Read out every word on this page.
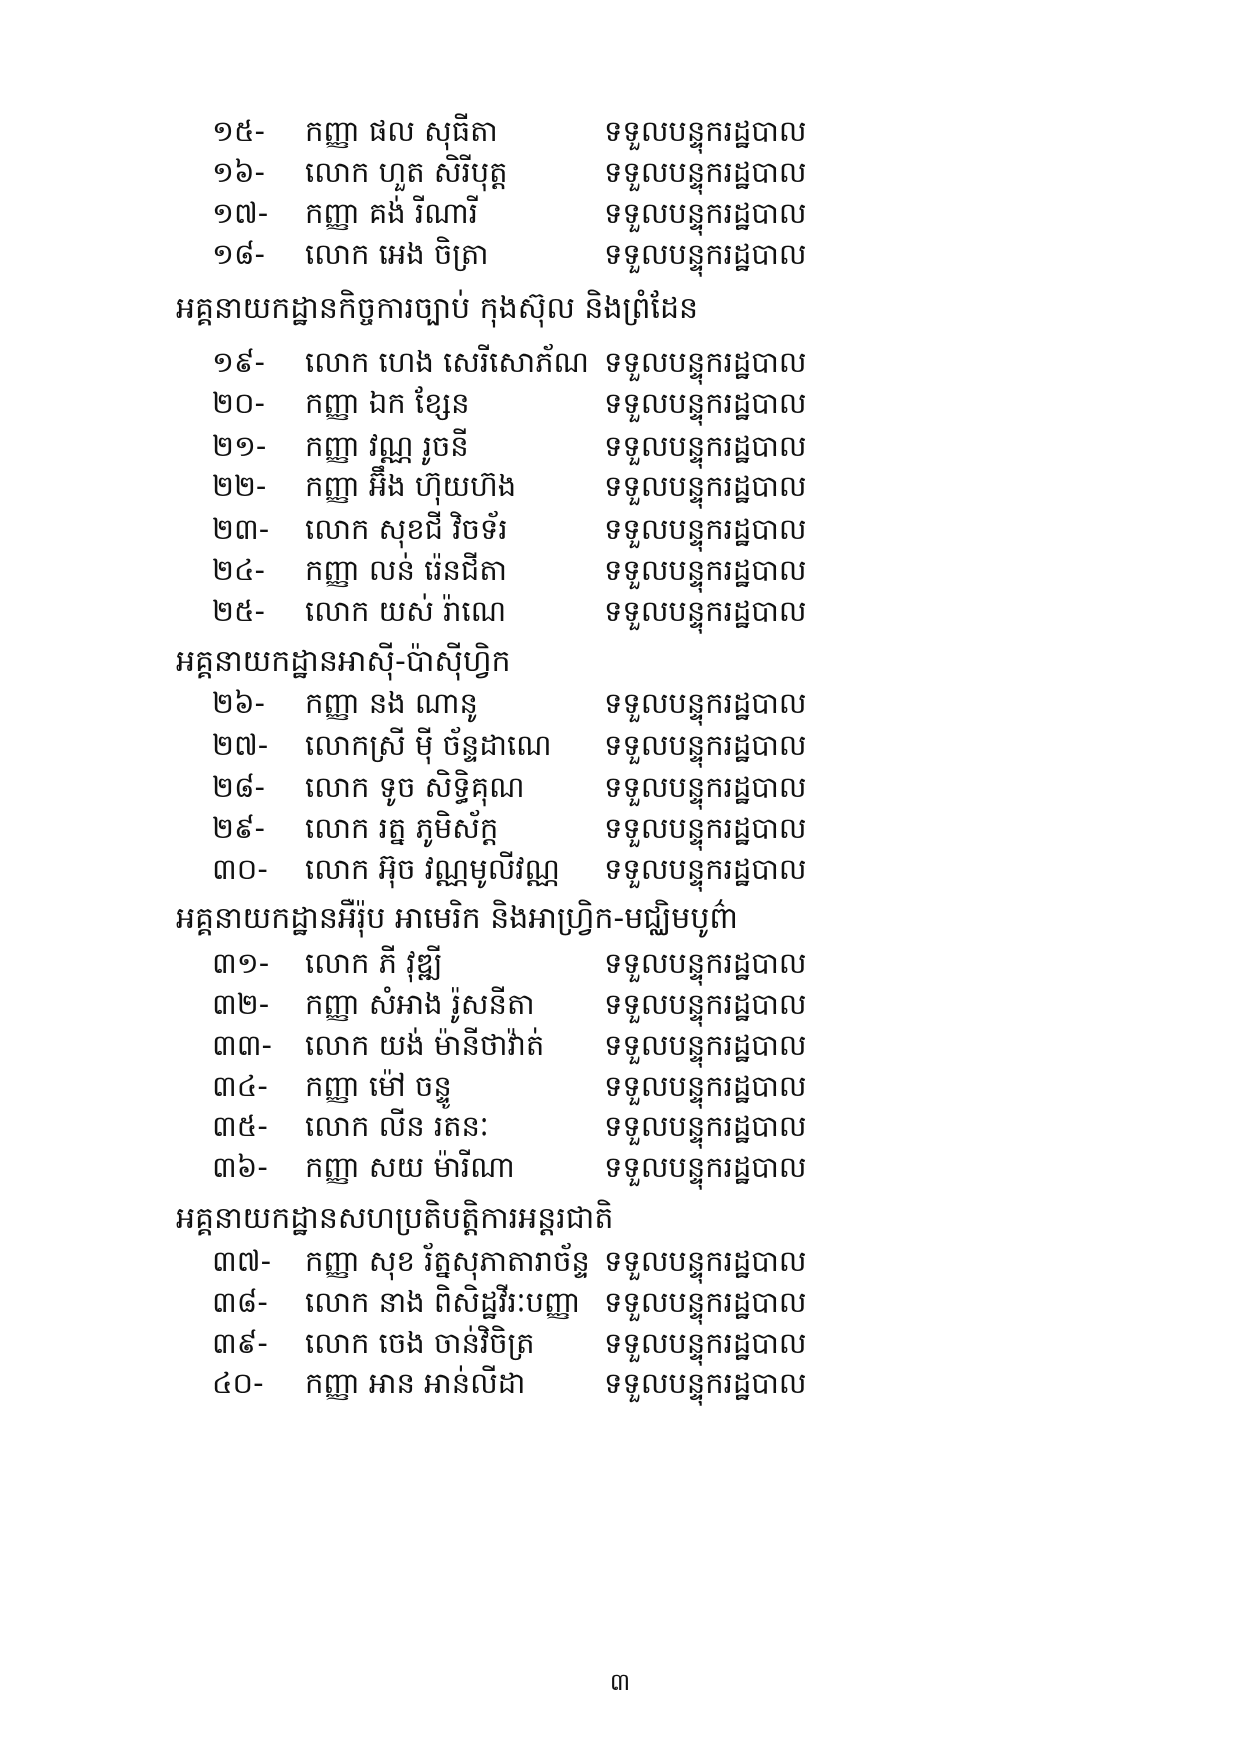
១៥-	កញ្ញា ផល សុធីតា	ទទួលបន្ទុករដ្ឋបាល
១៦-	លោក ហួត សិរីបុត្ត	ទទួលបន្ទុករដ្ឋបាល
១៧-	កញ្ញា គង់ រីណារី	ទទួលបន្ទុករដ្ឋបាល
១៨-	លោក អេង ចិត្រា	ទទួលបន្ទុករដ្ឋបាល
អគ្គនាយកដ្ឋានកិច្ចការច្បាប់ កុងស៊ុល និងព្រំដែន
១៩-	លោក ហេង សេរីសោភ័ណ ទទួលបន្ទុករដ្ឋបាល
២០-	កញ្ញា ឯក ខ្សែន	ទទួលបន្ទុករដ្ឋបាល
២១-	កញ្ញា វណ្ណ រូចនី	ទទួលបន្ទុករដ្ឋបាល
២២-	កញ្ញា អ៊ឹង ហ៊ុយហ៊ង	ទទួលបន្ទុករដ្ឋបាល
២៣-	លោក សុខជី វិចទ័រ	ទទួលបន្ទុករដ្ឋបាល
២៤-	កញ្ញា លន់ រ៉េនជីតា	ទទួលបន្ទុករដ្ឋបាល
២៥-	លោក យស់ រ៉ាណេ	ទទួលបន្ទុករដ្ឋបាល
អគ្គនាយកដ្ឋានអាស៊ី-ប៉ាស៊ីហ្វិក
២៦-	កញ្ញា នង ណានូ	ទទួលបន្ទុករដ្ឋបាល
២៧-	លោកស្រី ម៉ី ច័ន្ទដាណេ ទទួលបន្ទុករដ្ឋបាល
២៨-	លោក ទូច សិទ្ធិគុណ	ទទួលបន្ទុករដ្ឋបាល
២៩-	លោក រត្ន ភូមិស័ក្ត	ទទួលបន្ទុករដ្ឋបាល
៣០-	លោក អ៊ុច វណ្ណមូលីវណ្ណ ទទួលបន្ទុករដ្ឋបាល
អគ្គនាយកដ្ឋានអឺរ៉ុប អាមេរិក និងអាហ្វ្រិក-មជ្ឈិមបូព៌ា
៣១-	លោក ភី វុឌ្ឍី	ទទួលបន្ទុករដ្ឋបាល
៣២-	កញ្ញា សំអាង រ៉ូសនីតា ទទួលបន្ទុករដ្ឋបាល
៣៣-	លោក យង់ ម៉ានីថាវ៉ាត់ ទទួលបន្ទុករដ្ឋបាល
៣៤-	កញ្ញា ម៉ៅ ចន្ទូ	ទទួលបន្ទុករដ្ឋបាល
៣៥-	លោក លីន រតនៈ	ទទួលបន្ទុករដ្ឋបាល
៣៦-	កញ្ញា សយ ម៉ារីណា	ទទួលបន្ទុករដ្ឋបាល
អគ្គនាយកដ្ឋានសហប្រតិបត្តិការអន្តរជាតិ
៣៧-	កញ្ញា សុខ រ័ត្នសុភាតារាច័ន្ទ ទទួលបន្ទុករដ្ឋបាល
៣៨-	លោក នាង ពិសិដ្ឋវីរៈបញ្ញា ទទួលបន្ទុករដ្ឋបាល
៣៩-	លោក ចេង ចាន់វិចិត្រ ទទួលបន្ទុករដ្ឋបាល
៤០-	កញ្ញា អាន អាន់លីដា	ទទួលបន្ទុករដ្ឋបាល
៣
